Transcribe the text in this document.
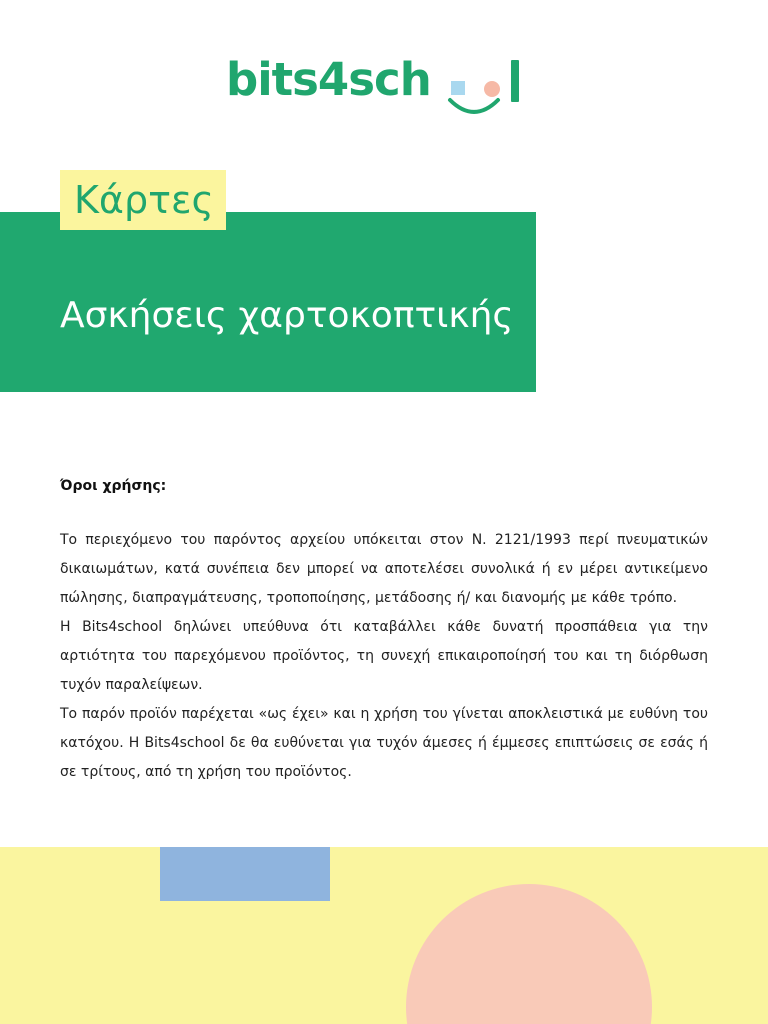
bits4sch
Κάρτες
Ασκήσεις χαρτοκοπτικής
Όροι χρήσης:

Το περιεχόμενο του παρόντος αρχείου υπόκειται στον Ν. 2121/1993 περί πνευματικών δικαιωμάτων, κατά συνέπεια δεν μπορεί να αποτελέσει συνολικά ή εν μέρει αντικείμενο πώλησης, διαπραγμάτευσης, τροποποίησης, μετάδοσης ή/ και διανομής με κάθε τρόπο.

Η Bits4school δηλώνει υπεύθυνα ότι καταβάλλει κάθε δυνατή προσπάθεια για την αρτιότητα του παρεχόμενου προϊόντος, τη συνεχή επικαιροποίησή του και τη διόρθωση τυχόν παραλείψεων.

Το παρόν προϊόν παρέχεται «ως έχει» και η χρήση του γίνεται αποκλειστικά με ευθύνη του κατόχου. Η Bits4school δε θα ευθύνεται για τυχόν άμεσες ή έμμεσες επιπτώσεις σε εσάς ή σε τρίτους, από τη χρήση του προϊόντος.
